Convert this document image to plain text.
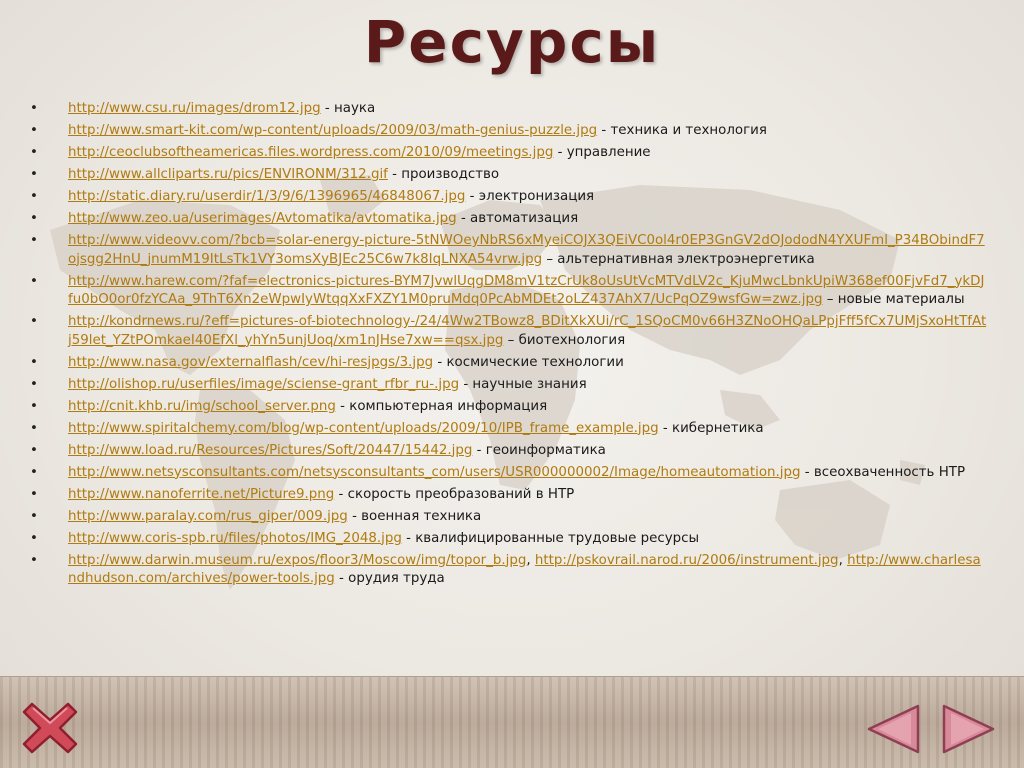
Ресурсы
• http://www.csu.ru/images/drom12.jpg - наука
• http://www.smart-kit.com/wp-content/uploads/2009/03/math-genius-puzzle.jpg - техника и технология
• http://ceoclubsoftheamericas.files.wordpress.com/2010/09/meetings.jpg - управление
• http://www.allcliparts.ru/pics/ENVIRONM/312.gif - производство
• http://static.diary.ru/userdir/1/3/9/6/1396965/46848067.jpg - электронизация
• http://www.zeo.ua/userimages/Avtomatika/avtomatika.jpg - автоматизация
• http://www.videovv.com/?bcb=solar-energy-picture-5tNWOeyNbRS6xMyeiCOJX3QEiVC0ol4r0EP3GnGV2dOJododN4YXUFml_P34BObindF7ojsgg2HnU_jnumM19ItLsTk1VY3omsXyBJEc25C6w7k8IqLNXA54vrw.jpg – альтернативная электроэнергетика
• http://www.harew.com/?faf=electronics-pictures-BYM7JvwlUqgDM8mV1tzCrUk8oUsUtVcMTVdLV2c_KjuMwcLbnkUpiW368ef00FjvFd7_ykDJfu0bO0or0fzYCAa_9ThT6Xn2eWpwIyWtqqXxFXZY1M0pruMdq0PcAbMDEt2oLZ437AhX7/UcPqOZ9wsfGw=zwz.jpg – новые материалы
• http://kondrnews.ru/?eff=pictures-of-biotechnology-/24/4Ww2TBowz8_BDitXkXUi/rC_1SQoCM0v66H3ZNoOHQaLPpjFff5fCx7UMjSxoHtTfAtj59let_YZtPOmkaeI40EfXl_yhYn5unjUoq/xm1nJHse7xw==qsx.jpg – биотехнология
• http://www.nasa.gov/externalflash/cev/hi-resjpgs/3.jpg - космические технологии
• http://olishop.ru/userfiles/image/sciense-grant_rfbr_ru-.jpg - научные знания
• http://cnit.khb.ru/img/school_server.png - компьютерная информация
• http://www.spiritalchemy.com/blog/wp-content/uploads/2009/10/IPB_frame_example.jpg - кибернетика
• http://www.load.ru/Resources/Pictures/Soft/20447/15442.jpg - геоинформатика
• http://www.netsysconsultants.com/netsysconsultants_com/users/USR000000002/Image/homeautomation.jpg - всеохваченность НТР
• http://www.nanoferrite.net/Picture9.png - скорость преобразований в НТР
• http://www.paralay.com/rus_giper/009.jpg - военная техника
• http://www.coris-spb.ru/files/photos/IMG_2048.jpg - квалифицированные трудовые ресурсы
• http://www.darwin.museum.ru/expos/floor3/Moscow/img/topor_b.jpg, http://pskovrail.narod.ru/2006/instrument.jpg, http://www.charlesandhudson.com/archives/power-tools.jpg - орудия труда
